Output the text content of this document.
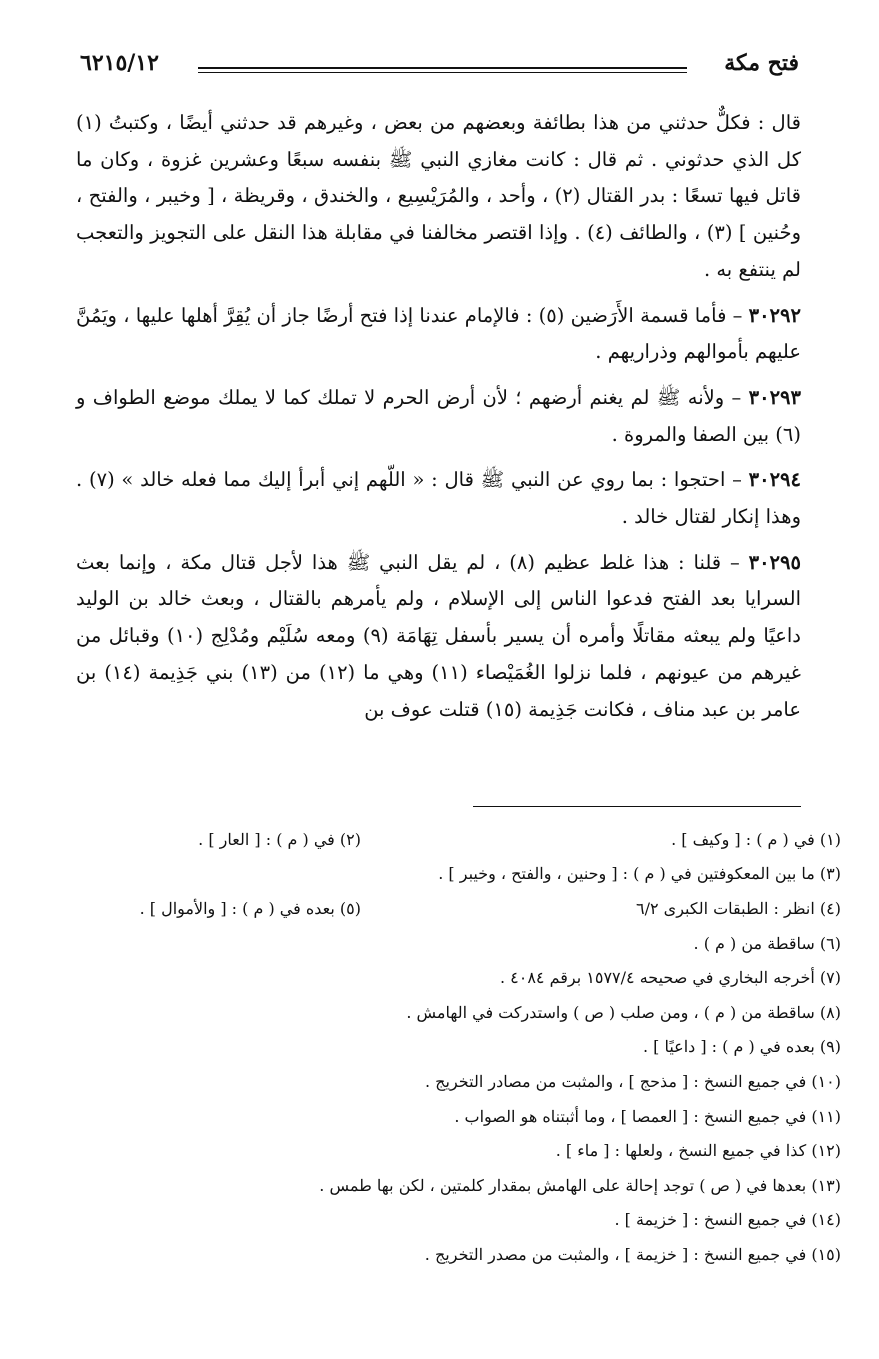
فتح مكة
٦٢١٥/١٢

قال : فكلٌّ حدثني من هذا بطائفة وبعضهم من بعض ، وغيرهم قد حدثني أيضًا ، وكتبتُ (١) كل الذي حدثوني . ثم قال : كانت مغازي النبي ﷺ بنفسه سبعًا وعشرين غزوة ، وكان ما قاتل فيها تسعًا : بدر القتال (٢) ، وأحد ، والمُرَيْسِيع ، والخندق ، وقريظة ، [ وخيبر ، والفتح ، وحُنين ] (٣) ، والطائف (٤) . وإذا اقتصر مخالفنا في مقابلة هذا النقل على التجويز والتعجب لم ينتفع به .

٣٠٢٩٢ – فأما قسمة الأَرَضين (٥) : فالإمام عندنا إذا فتح أرضًا جاز أن يُقِرَّ أهلها عليها ، ويَمُنَّ عليهم بأموالهم وذراريهم .

٣٠٢٩٣ – ولأنه ﷺ لم يغنم أرضهم ؛ لأن أرض الحرم لا تملك كما لا يملك موضع الطواف و (٦) بين الصفا والمروة .

٣٠٢٩٤ – احتجوا : بما روي عن النبي ﷺ قال : « اللّهم إني أبرأ إليك مما فعله خالد » (٧) . وهذا إنكار لقتال خالد .

٣٠٢٩٥ – قلنا : هذا غلط عظيم (٨) ، لم يقل النبي ﷺ هذا لأجل قتال مكة ، وإنما بعث السرايا بعد الفتح فدعوا الناس إلى الإسلام ، ولم يأمرهم بالقتال ، وبعث خالد بن الوليد داعيًا ولم يبعثه مقاتلًا وأمره أن يسير بأسفل تِهَامَة (٩) ومعه سُلَيْم ومُدْلِج (١٠) وقبائل من غيرهم من عيونهم ، فلما نزلوا الغُمَيْصاء (١١) وهي ما (١٢) من (١٣) بني جَذِيمة (١٤) بن عامر بن عبد مناف ، فكانت جَذِيمة (١٥) قتلت عوف بن

(١) في ( م ) : [ وكيف ] .
(٢) في ( م ) : [ العار ] .
(٣) ما بين المعكوفتين في ( م ) : [ وحنين ، والفتح ، وخيبر ] .
(٤) انظر : الطبقات الكبرى ٦/٢
(٥) بعده في ( م ) : [ والأموال ] .
(٦) ساقطة من ( م ) .
(٧) أخرجه البخاري في صحيحه ١٥٧٧/٤ برقم ٤٠٨٤ .
(٨) ساقطة من ( م ) ، ومن صلب ( ص ) واستدركت في الهامش .
(٩) بعده في ( م ) : [ داعيًا ] .
(١٠) في جميع النسخ : [ مذحج ] ، والمثبت من مصادر التخريج .
(١١) في جميع النسخ : [ العمصا ] ، وما أثبتناه هو الصواب .
(١٢) كذا في جميع النسخ ، ولعلها : [ ماء ] .
(١٣) بعدها في ( ص ) توجد إحالة على الهامش بمقدار كلمتين ، لكن بها طمس .
(١٤) في جميع النسخ : [ خزيمة ] .
(١٥) في جميع النسخ : [ خزيمة ] ، والمثبت من مصدر التخريج .
